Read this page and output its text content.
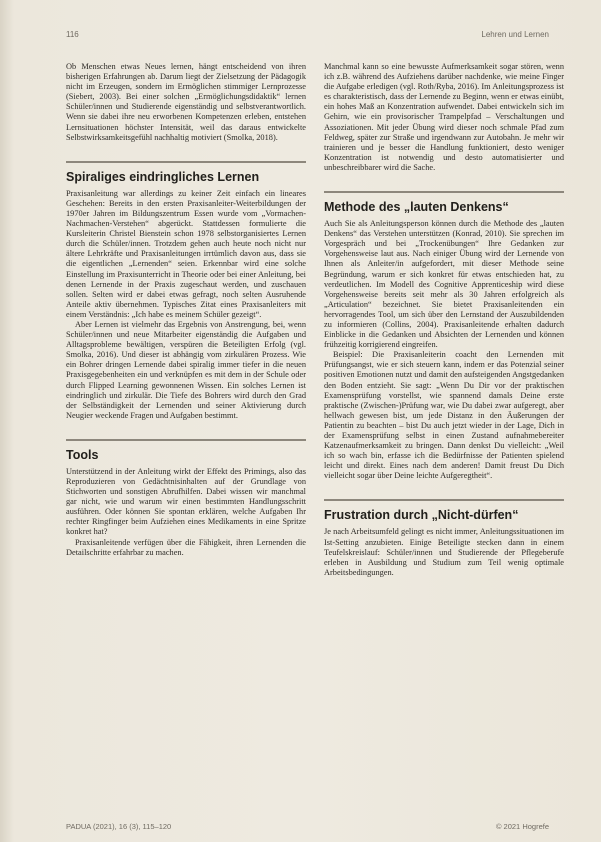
116	Lehren und Lernen

Ob Menschen etwas Neues lernen, hängt entscheidend von ihren bisherigen Erfahrungen ab. Darum liegt der Zielsetzung der Pädagogik nicht im Erzeugen, sondern im Ermöglichen stimmiger Lernprozesse (Siebert, 2003). Bei einer solchen „Ermöglichungsdidaktik“ lernen Schüler/innen und Studierende eigenständig und selbstverantwortlich. Wenn sie dabei ihre neu erworbenen Kompetenzen erleben, entstehen Lernsituationen höchster Intensität, weil das daraus entwickelte Selbstwirksamkeitsgefühl nachhaltig motiviert (Smolka, 2018).

Spiraliges eindringliches Lernen

Praxisanleitung war allerdings zu keiner Zeit einfach ein lineares Geschehen: Bereits in den ersten Praxisanleiter-Weiterbildungen der 1970er Jahren im Bildungszentrum Essen wurde vom „Vormachen-Nachmachen-Verstehen“ abgerückt. Stattdessen formulierte die Kursleiterin Christel Bienstein schon 1978 selbstorganisiertes Lernen durch die Schüler/innen. Trotzdem gehen auch heute noch nicht nur ältere Lehrkräfte und Praxisanleitungen irrtümlich davon aus, dass sie die eigentlichen „Lernenden“ seien. Erkennbar wird eine solche Einstellung im Praxisunterricht in Theorie oder bei einer Anleitung, bei denen Lernende in der Praxis zugeschaut werden, und zuschauen sollen. Selten wird er dabei etwas gefragt, noch selten Ausruhende Anteile aktiv übernehmen. Typisches Zitat eines Praxisanleiters mit einem Verständnis: „Ich habe es meinem Schüler gezeigt“.

Aber Lernen ist vielmehr das Ergebnis von Anstrengung, bei, wenn Schüler/innen und neue Mitarbeiter eigenständig die Aufgaben und Alltagsprobleme bewältigen, verspüren die Beteiligten Erfolg (vgl. Smolka, 2016). Und dieser ist abhängig vom zirkulären Prozess. Wie ein Bohrer dringen Lernende dabei spiralig immer tiefer in die neuen Praxisgegebenheiten ein und verknüpfen es mit dem in der Schule oder durch Flipped Learning gewonnenen Wissen. Ein solches Lernen ist eindringlich und zirkulär. Die Tiefe des Bohrers wird durch den Grad der Selbständigkeit der Lernenden und seiner Aktivierung durch Neugier weckende Fragen und Aufgaben bestimmt.

Tools

Unterstützend in der Anleitung wirkt der Effekt des Primings, also das Reproduzieren von Gedächtnisinhalten auf der Grundlage von Stichworten und sonstigen Abrufhilfen. Dabei wissen wir manchmal gar nicht, wie und warum wir einen bestimmten Handlungsschritt ausführen. Oder können Sie spontan erklären, welche Aufgaben Ihr rechter Ringfinger beim Aufziehen eines Medikaments in eine Spritze konkret hat?

Praxisanleitende verfügen über die Fähigkeit, ihren Lernenden die Detailschritte erfahrbar zu machen.

Manchmal kann so eine bewusste Aufmerksamkeit sogar stören, wenn ich z.B. während des Aufziehens darüber nachdenke, wie meine Finger die Aufgabe erledigen (vgl. Roth/Ryba, 2016). Im Anleitungsprozess ist es charakteristisch, dass der Lernende zu Beginn, wenn er etwas einübt, ein hohes Maß an Konzentration aufwendet. Dabei entwickeln sich im Gehirn, wie ein provisorischer Trampelpfad – Verschaltungen und Assoziationen. Mit jeder Übung wird dieser noch schmale Pfad zum Feldweg, später zur Straße und irgendwann zur Autobahn. Je mehr wir trainieren und je besser die Handlung funktioniert, desto weniger Konzentration ist notwendig und desto automatisierter und unbeschreibbarer wird die Sache.

Methode des „lauten Denkens“

Auch Sie als Anleitungsperson können durch die Methode des „lauten Denkens“ das Verstehen unterstützen (Konrad, 2010). Sie sprechen im Vorgespräch und bei „Trockenübungen“ Ihre Gedanken zur Vorgehensweise laut aus. Nach einiger Übung wird der Lernende von Ihnen als Anleiter/in aufgefordert, mit dieser Methode seine Begründung, warum er sich konkret für etwas entschieden hat, zu verdeutlichen. Im Modell des Cognitive Apprenticeship wird diese Vorgehensweise bereits seit mehr als 30 Jahren erfolgreich als „Articulation“ bezeichnet. Sie bietet Praxisanleitenden ein hervorragendes Tool, um sich über den Lernstand der Auszubildenden zu informieren (Collins, 2004). Praxisanleitende erhalten dadurch Einblicke in die Gedanken und Absichten der Lernenden und können frühzeitig korrigierend eingreifen.

Beispiel: Die Praxisanleiterin coacht den Lernenden mit Prüfungsangst, wie er sich steuern kann, indem er das Potenzial seiner positiven Emotionen nutzt und damit den aufsteigenden Angstgedanken den Boden entzieht. Sie sagt: „Wenn Du Dir vor der praktischen Examensprüfung vorstellst, wie spannend damals Deine erste praktische (Zwischen-)Prüfung war, wie Du dabei zwar aufgeregt, aber hellwach gewesen bist, um jede Distanz in den Äußerungen der Patientin zu beachten – bist Du auch jetzt wieder in der Lage, Dich in der Examensprüfung selbst in einen Zustand aufnahmebereiter Katzenaufmerksamkeit zu bringen. Dann denkst Du vielleicht: „Weil ich so wach bin, erfasse ich die Bedürfnisse der Patienten spielend leicht und direkt. Eines nach dem anderen! Damit freust Du Dich vielleicht sogar über Deine leichte Aufgeregtheit“.

Frustration durch „Nicht-dürfen“

Je nach Arbeitsumfeld gelingt es nicht immer, Anleitungssituationen im Ist-Setting anzubieten. Einige Beteiligte stecken dann in einem Teufelskreislauf: Schüler/innen und Studierende der Pflegeberufe erleben in Ausbildung und Studium zum Teil wenig optimale Arbeitsbedingungen.

PADUA (2021), 16 (3), 115–120	© 2021 Hogrefe
